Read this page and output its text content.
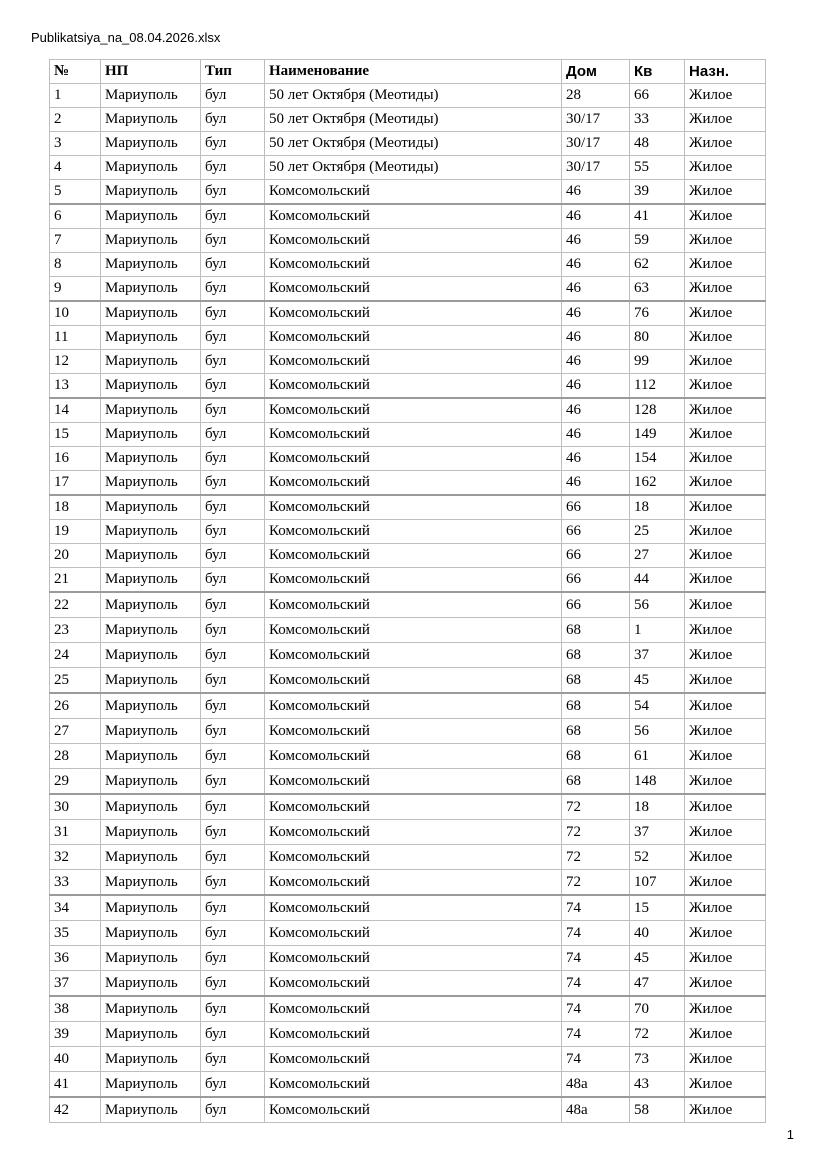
Publikatsiya_na_08.04.2026.xlsx
№	НП	Тип	Наименование	Дом	Кв	Назн.
1	Мариуполь	бул	50 лет Октября (Меотиды)	28	66	Жилое
2	Мариуполь	бул	50 лет Октября (Меотиды)	30/17	33	Жилое
3	Мариуполь	бул	50 лет Октября (Меотиды)	30/17	48	Жилое
4	Мариуполь	бул	50 лет Октября (Меотиды)	30/17	55	Жилое
5	Мариуполь	бул	Комсомольский	46	39	Жилое
6	Мариуполь	бул	Комсомольский	46	41	Жилое
7	Мариуполь	бул	Комсомольский	46	59	Жилое
8	Мариуполь	бул	Комсомольский	46	62	Жилое
9	Мариуполь	бул	Комсомольский	46	63	Жилое
10	Мариуполь	бул	Комсомольский	46	76	Жилое
11	Мариуполь	бул	Комсомольский	46	80	Жилое
12	Мариуполь	бул	Комсомольский	46	99	Жилое
13	Мариуполь	бул	Комсомольский	46	112	Жилое
14	Мариуполь	бул	Комсомольский	46	128	Жилое
15	Мариуполь	бул	Комсомольский	46	149	Жилое
16	Мариуполь	бул	Комсомольский	46	154	Жилое
17	Мариуполь	бул	Комсомольский	46	162	Жилое
18	Мариуполь	бул	Комсомольский	66	18	Жилое
19	Мариуполь	бул	Комсомольский	66	25	Жилое
20	Мариуполь	бул	Комсомольский	66	27	Жилое
21	Мариуполь	бул	Комсомольский	66	44	Жилое
22	Мариуполь	бул	Комсомольский	66	56	Жилое
23	Мариуполь	бул	Комсомольский	68	1	Жилое
24	Мариуполь	бул	Комсомольский	68	37	Жилое
25	Мариуполь	бул	Комсомольский	68	45	Жилое
26	Мариуполь	бул	Комсомольский	68	54	Жилое
27	Мариуполь	бул	Комсомольский	68	56	Жилое
28	Мариуполь	бул	Комсомольский	68	61	Жилое
29	Мариуполь	бул	Комсомольский	68	148	Жилое
30	Мариуполь	бул	Комсомольский	72	18	Жилое
31	Мариуполь	бул	Комсомольский	72	37	Жилое
32	Мариуполь	бул	Комсомольский	72	52	Жилое
33	Мариуполь	бул	Комсомольский	72	107	Жилое
34	Мариуполь	бул	Комсомольский	74	15	Жилое
35	Мариуполь	бул	Комсомольский	74	40	Жилое
36	Мариуполь	бул	Комсомольский	74	45	Жилое
37	Мариуполь	бул	Комсомольский	74	47	Жилое
38	Мариуполь	бул	Комсомольский	74	70	Жилое
39	Мариуполь	бул	Комсомольский	74	72	Жилое
40	Мариуполь	бул	Комсомольский	74	73	Жилое
41	Мариуполь	бул	Комсомольский	48а	43	Жилое
42	Мариуполь	бул	Комсомольский	48а	58	Жилое
1
